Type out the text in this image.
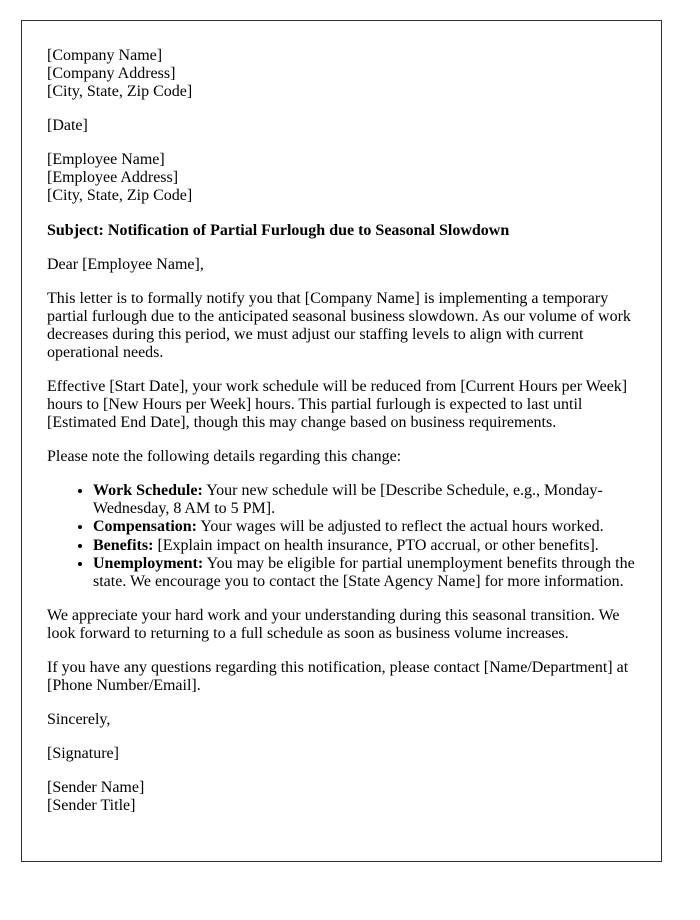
[Company Name]
[Company Address]
[City, State, Zip Code]

[Date]

[Employee Name]
[Employee Address]
[City, State, Zip Code]

Subject: Notification of Partial Furlough due to Seasonal Slowdown

Dear [Employee Name],

This letter is to formally notify you that [Company Name] is implementing a temporary partial furlough due to the anticipated seasonal business slowdown. As our volume of work decreases during this period, we must adjust our staffing levels to align with current operational needs.

Effective [Start Date], your work schedule will be reduced from [Current Hours per Week] hours to [New Hours per Week] hours. This partial furlough is expected to last until [Estimated End Date], though this may change based on business requirements.

Please note the following details regarding this change:

• Work Schedule: Your new schedule will be [Describe Schedule, e.g., Monday-Wednesday, 8 AM to 5 PM].
• Compensation: Your wages will be adjusted to reflect the actual hours worked.
• Benefits: [Explain impact on health insurance, PTO accrual, or other benefits].
• Unemployment: You may be eligible for partial unemployment benefits through the state. We encourage you to contact the [State Agency Name] for more information.

We appreciate your hard work and your understanding during this seasonal transition. We look forward to returning to a full schedule as soon as business volume increases.

If you have any questions regarding this notification, please contact [Name/Department] at [Phone Number/Email].

Sincerely,

[Signature]

[Sender Name]
[Sender Title]
